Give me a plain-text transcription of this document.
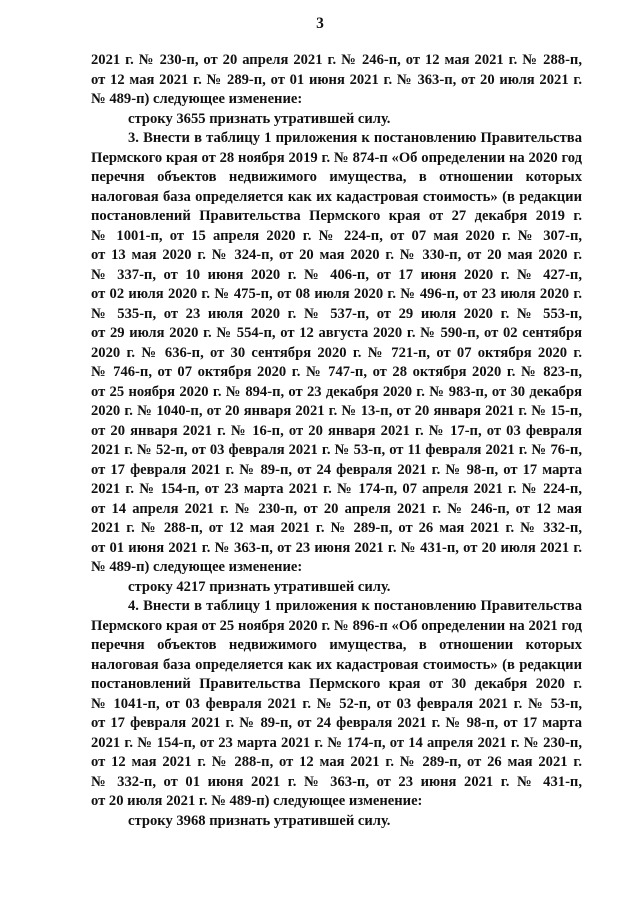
3
2021 г. № 230-п, от 20 апреля 2021 г. № 246-п, от 12 мая 2021 г. № 288-п,
от 12 мая 2021 г. № 289-п, от 01 июня 2021 г. № 363-п, от 20 июля 2021 г.
№ 489-п) следующее изменение:
строку 3655 признать утратившей силу.
3. Внести в таблицу 1 приложения к постановлению Правительства
Пермского края от 28 ноября 2019 г. № 874-п «Об определении на 2020 год
перечня объектов недвижимого имущества, в отношении которых
налоговая база определяется как их кадастровая стоимость» (в редакции
постановлений Правительства Пермского края от 27 декабря 2019 г.
№ 1001-п, от 15 апреля 2020 г. № 224-п, от 07 мая 2020 г. № 307-п,
от 13 мая 2020 г. № 324-п, от 20 мая 2020 г. № 330-п, от 20 мая 2020 г.
№ 337-п, от 10 июня 2020 г. № 406-п, от 17 июня 2020 г. № 427-п,
от 02 июля 2020 г. № 475-п, от 08 июля 2020 г. № 496-п, от 23 июля 2020 г.
№ 535-п, от 23 июля 2020 г. № 537-п, от 29 июля 2020 г. № 553-п,
от 29 июля 2020 г. № 554-п, от 12 августа 2020 г. № 590-п, от 02 сентября
2020 г. № 636-п, от 30 сентября 2020 г. № 721-п, от 07 октября 2020 г.
№ 746-п, от 07 октября 2020 г. № 747-п, от 28 октября 2020 г. № 823-п,
от 25 ноября 2020 г. № 894-п, от 23 декабря 2020 г. № 983-п, от 30 декабря
2020 г. № 1040-п, от 20 января 2021 г. № 13-п, от 20 января 2021 г. № 15-п,
от 20 января 2021 г. № 16-п, от 20 января 2021 г. № 17-п, от 03 февраля
2021 г. № 52-п, от 03 февраля 2021 г. № 53-п, от 11 февраля 2021 г. № 76-п,
от 17 февраля 2021 г. № 89-п, от 24 февраля 2021 г. № 98-п, от 17 марта
2021 г. № 154-п, от 23 марта 2021 г. № 174-п, 07 апреля 2021 г. № 224-п,
от 14 апреля 2021 г. № 230-п, от 20 апреля 2021 г. № 246-п, от 12 мая
2021 г. № 288-п, от 12 мая 2021 г. № 289-п, от 26 мая 2021 г. № 332-п,
от 01 июня 2021 г. № 363-п, от 23 июня 2021 г. № 431-п, от 20 июля 2021 г.
№ 489-п) следующее изменение:
строку 4217 признать утратившей силу.
4. Внести в таблицу 1 приложения к постановлению Правительства
Пермского края от 25 ноября 2020 г. № 896-п «Об определении на 2021 год
перечня объектов недвижимого имущества, в отношении которых
налоговая база определяется как их кадастровая стоимость» (в редакции
постановлений Правительства Пермского края от 30 декабря 2020 г.
№ 1041-п, от 03 февраля 2021 г. № 52-п, от 03 февраля 2021 г. № 53-п,
от 17 февраля 2021 г. № 89-п, от 24 февраля 2021 г. № 98-п, от 17 марта
2021 г. № 154-п, от 23 марта 2021 г. № 174-п, от 14 апреля 2021 г. № 230-п,
от 12 мая 2021 г. № 288-п, от 12 мая 2021 г. № 289-п, от 26 мая 2021 г.
№ 332-п, от 01 июня 2021 г. № 363-п, от 23 июня 2021 г. № 431-п,
от 20 июля 2021 г. № 489-п) следующее изменение:
строку 3968 признать утратившей силу.
